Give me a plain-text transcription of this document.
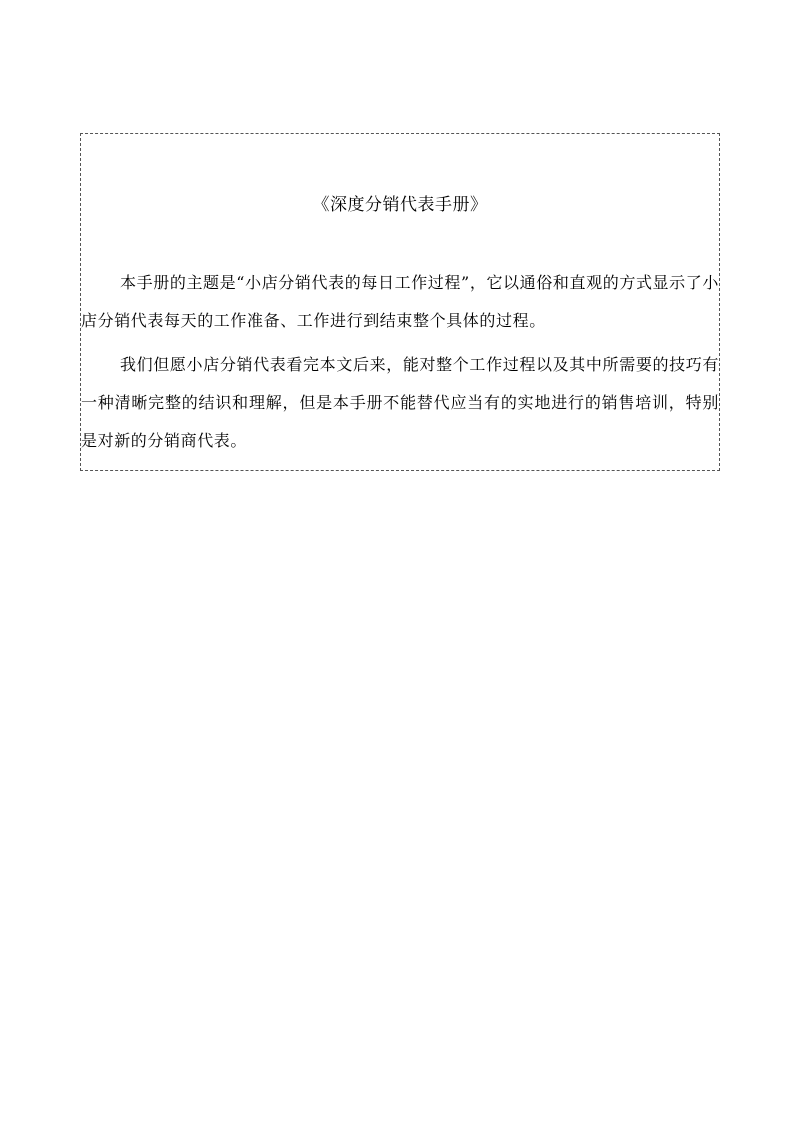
《深度分销代表手册》

本手册的主题是“小店分销代表的每日工作过程”，它以通俗和直观的方式显示了小店分销代表每天的工作准备、工作进行到结束整个具体的过程。

我们但愿小店分销代表看完本文后来，能对整个工作过程以及其中所需要的技巧有一种清晰完整的结识和理解，但是本手册不能替代应当有的实地进行的销售培训，特别是对新的分销商代表。
